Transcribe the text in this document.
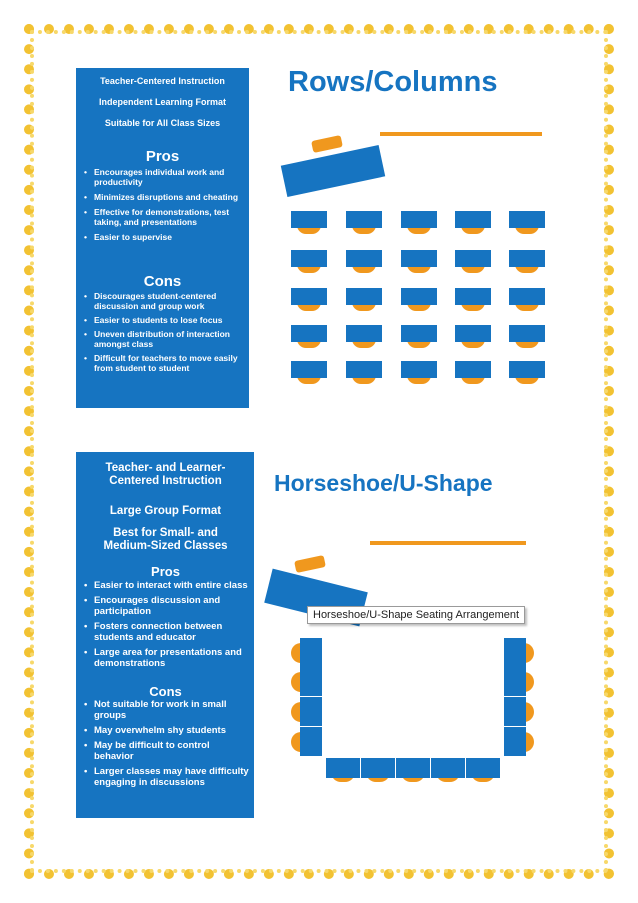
Teacher-Centered Instruction

Independent Learning Format

Suitable for All Class Sizes

Pros

• Encourages individual work and productivity
• Minimizes disruptions and cheating
• Effective for demonstrations, test taking, and presentations
• Easier to supervise

Cons

• Discourages student-centered discussion and group work
• Easier to students to lose focus
• Uneven distribution of interaction amongst class
• Difficult for teachers to move easily from student to student
Rows/Columns

Teacher- and Learner-Centered Instruction

Large Group Format

Best for Small- and Medium-Sized Classes

Pros

• Easier to interact with entire class
• Encourages discussion and participation
• Fosters connection between students and educator
• Large area for presentations and demonstrations

Cons

• Not suitable for work in small groups
• May overwhelm shy students
• May be difficult to control behavior
• Larger classes may have difficulty engaging in discussions
Horseshoe/U-Shape
Horseshoe/U-Shape Seating Arrangement
